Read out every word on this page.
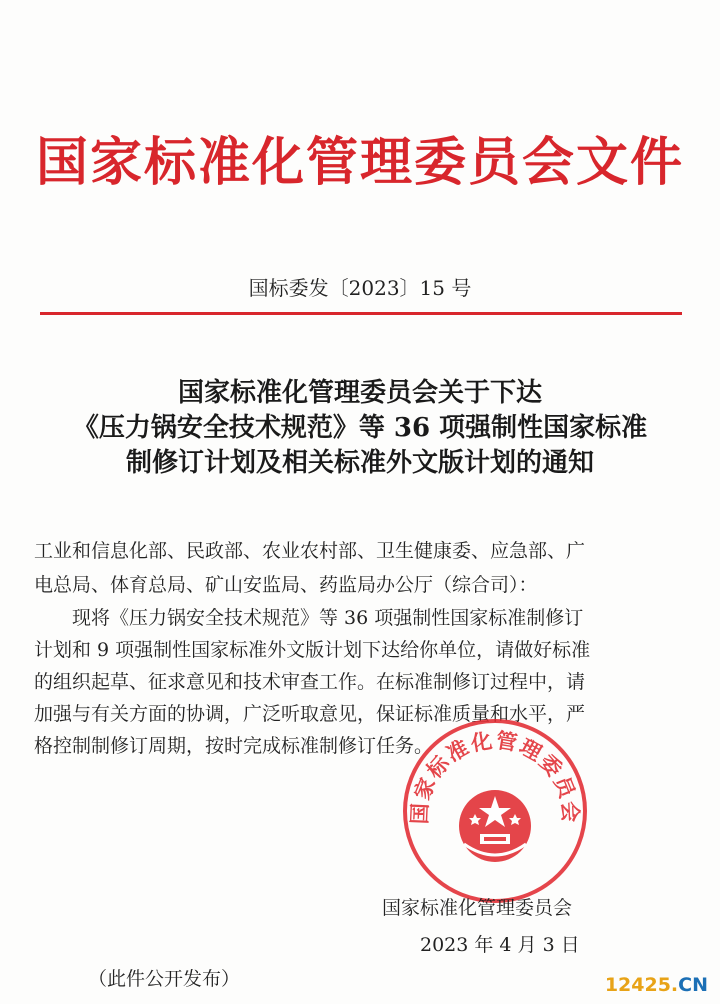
国家标准化管理委员会文件
国标委发〔2023〕15 号
国家标准化管理委员会关于下达
《压力锅安全技术规范》等 36 项强制性国家标准
制修订计划及相关标准外文版计划的通知
工业和信息化部、民政部、农业农村部、卫生健康委、应急部、广
电总局、体育总局、矿山安监局、药监局办公厅（综合司）：
　　现将《压力锅安全技术规范》等 36 项强制性国家标准制修订
计划和 9 项强制性国家标准外文版计划下达给你单位，请做好标准
的组织起草、征求意见和技术审查工作。在标准制修订过程中，请
加强与有关方面的协调，广泛听取意见，保证标准质量和水平，严
格控制制修订周期，按时完成标准制修订任务。
国家标准化管理委员会
国家标准化管理委员会
2023 年 4 月 3 日
（此件公开发布）	12425.CN
